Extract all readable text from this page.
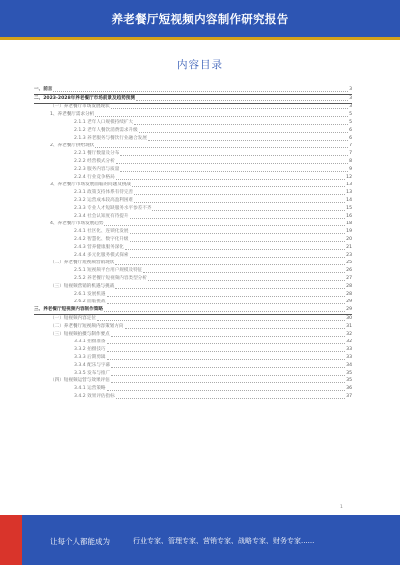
养老餐厅短视频内容制作研究报告
内容目录
一、前言	3
二、2023-2028年养老餐厅市场前景及趋势预测	3
（一）养老餐厅市场发展现状	3
1、养老餐厅需求分析	5
2.1.1 老年人口规模持续扩大	5
2.1.2 老年人餐饮消费需求升级	6
2.1.3 养老服务与餐饮行业融合发展	6
2、养老餐厅供给现状	7
2.2.1 餐厅数量及分布	7
2.2.2 经营模式分析	8
2.2.3 服务内容与质量	9
2.2.4 行业竞争格局	12
3、养老餐厅市场发展面临的问题及挑战	13
2.3.1 政策支持体系有待完善	13
2.3.2 运营成本较高盈利困难	14
2.3.3 专业人才短缺服务水平参差不齐	15
2.3.4 社会认知度有待提升	16
4、养老餐厅市场发展趋势	18
2.4.1 社区化、连锁化发展	19
2.4.2 智慧化、数字化升级	20
2.4.3 营养健康服务深化	21
2.4.4 多元化服务模式探索	23
（二）养老餐厅短视频营销现状	25
2.5.1 短视频平台用户规模及特征	26
2.5.2 养老餐厅短视频内容类型分析	27
（三）短视频营销的机遇与挑战	28
2.6.1 发展机遇	28
2.6.2 面临挑战	29
三、养老餐厅短视频内容制作策略	29
（一）短视频内容定位	30
（二）养老餐厅短视频内容策划方向	31
（三）短视频拍摄与制作要点	32
3.3.1 拍摄准备	32
3.3.2 拍摄技巧	33
3.3.3 后期剪辑	33
3.3.4 配乐与字幕	34
3.3.5 发布与推广	35
（四）短视频运营与效果评估	35
3.4.1 运营策略	36
3.4.2 效果评估指标	37
1
让每个人都能成为	行业专家、管理专家、营销专家、战略专家、财务专家......
